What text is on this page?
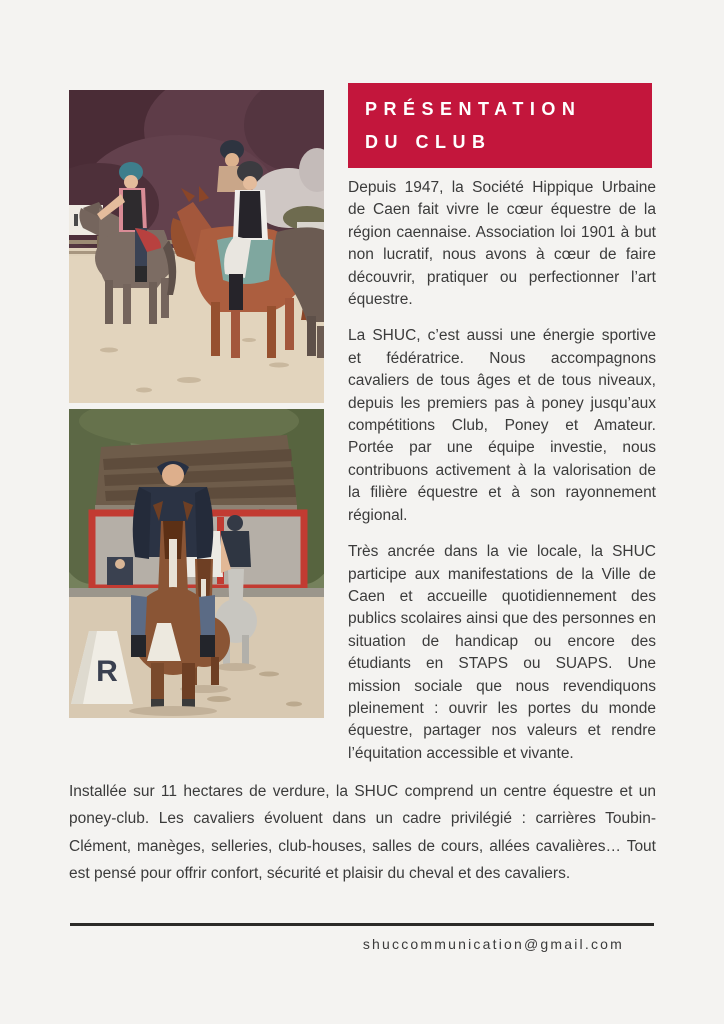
PRÉSENTATION
DU CLUB
R

Depuis 1947, la Société Hippique Urbaine de Caen fait vivre le cœur équestre de la région caennaise. Association loi 1901 à but non lucratif, nous avons à cœur de faire découvrir, pratiquer ou perfectionner l’art équestre.

La SHUC, c’est aussi une énergie sportive et fédératrice. Nous accompagnons cavaliers de tous âges et de tous niveaux, depuis les premiers pas à poney jusqu’aux compétitions Club, Poney et Amateur. Portée par une équipe investie, nous contribuons activement à la valorisation de la filière équestre et à son rayonnement régional.

Très ancrée dans la vie locale, la SHUC participe aux manifestations de la Ville de Caen et accueille quotidiennement des publics scolaires ainsi que des personnes en situation de handicap ou encore des étudiants en STAPS ou SUAPS. Une mission sociale que nous revendiquons pleinement : ouvrir les portes du monde équestre, partager nos valeurs et rendre l’équitation accessible et vivante.

Installée sur 11 hectares de verdure, la SHUC comprend un centre équestre et un poney-club. Les cavaliers évoluent dans un cadre privilégié : carrières Toubin-Clément, manèges, selleries, club-houses, salles de cours, allées cavalières… Tout est pensé pour offrir confort, sécurité et plaisir du cheval et des cavaliers.

shuccommunication@gmail.com
